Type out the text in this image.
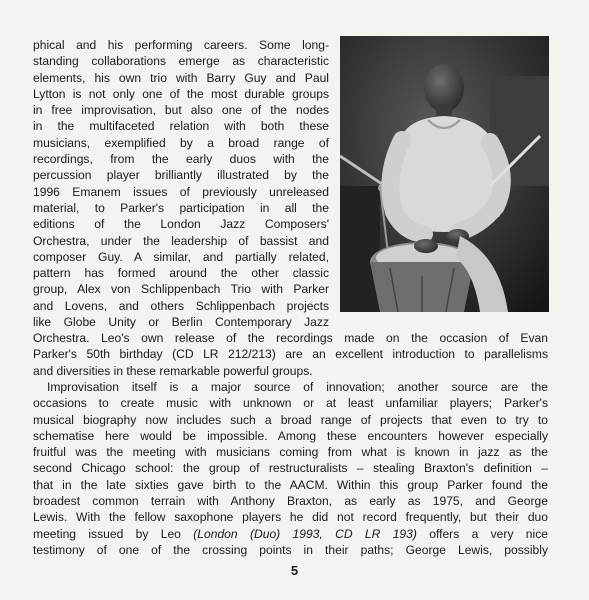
phical and his performing careers. Some long-
standing collaborations emerge as characteristic
elements, his own trio with Barry Guy and Paul
Lytton is not only one of the most durable groups
in free improvisation, but also one of the nodes
in the multifaceted relation with both these
musicians, exemplified by a broad range of
recordings, from the early duos with the
percussion player brilliantly illustrated by the
1996 Emanem issues of previously unreleased
material, to Parker's participation in all the
editions of the London Jazz Composers'
Orchestra, under the leadership of bassist and
composer Guy. A similar, and partially related,
pattern has formed around the other classic
group, Alex von Schlippenbach Trio with Parker
and Lovens, and others Schlippenbach projects
like Globe Unity or Berlin Contemporary Jazz
Orchestra. Leo's own release of the recordings made on the occasion of Evan
Parker's 50th birthday (CD LR 212/213) are an excellent introduction to parallelisms
and diversities in these remarkable powerful groups.
Improvisation itself is a major source of innovation; another source are the
occasions to create music with unknown or at least unfamiliar players; Parker's
musical biography now includes such a broad range of projects that even to try to
schematise here would be impossible. Among these encounters however especially
fruitful was the meeting with musicians coming from what is known in jazz as the
second Chicago school: the group of restructuralists – stealing Braxton's definition –
that in the late sixties gave birth to the AACM. Within this group Parker found the
broadest common terrain with Anthony Braxton, as early as 1975, and George
Lewis. With the fellow saxophone players he did not record frequently, but their duo
meeting issued by Leo (London (Duo) 1993, CD LR 193) offers a very nice
testimony of one of the crossing points in their paths; George Lewis, possibly
5
